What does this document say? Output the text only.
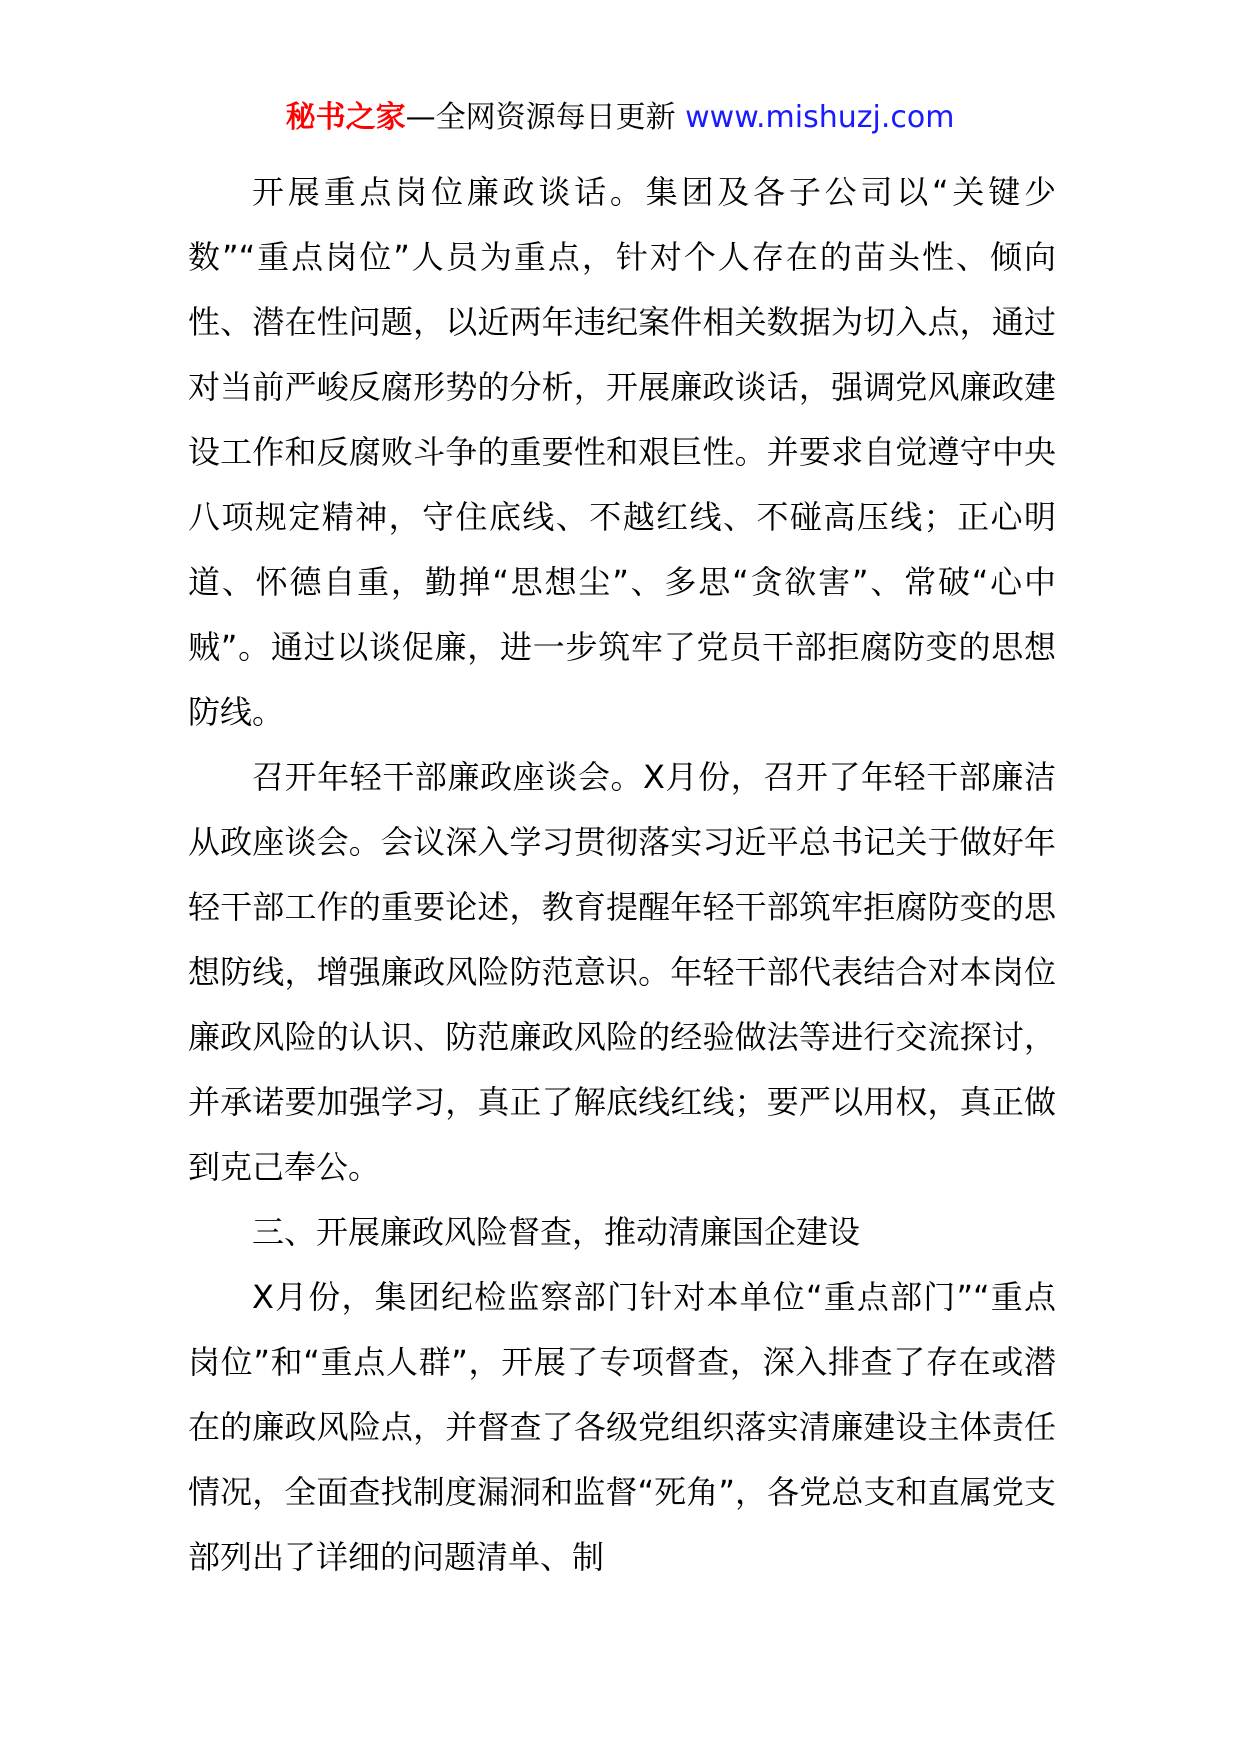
秘书之家—全网资源每日更新 www.mishuzj.com

开展重点岗位廉政谈话。集团及各子公司以“关键少数”“重点岗位”人员为重点，针对个人存在的苗头性、倾向性、潜在性问题，以近两年违纪案件相关数据为切入点，通过对当前严峻反腐形势的分析，开展廉政谈话，强调党风廉政建设工作和反腐败斗争的重要性和艰巨性。并要求自觉遵守中央八项规定精神，守住底线、不越红线、不碰高压线；正心明道、怀德自重，勤掸“思想尘”、多思“贪欲害”、常破“心中贼”。通过以谈促廉，进一步筑牢了党员干部拒腐防变的思想防线。

召开年轻干部廉政座谈会。X月份，召开了年轻干部廉洁从政座谈会。会议深入学习贯彻落实习近平总书记关于做好年轻干部工作的重要论述，教育提醒年轻干部筑牢拒腐防变的思想防线，增强廉政风险防范意识。年轻干部代表结合对本岗位廉政风险的认识、防范廉政风险的经验做法等进行交流探讨，并承诺要加强学习，真正了解底线红线；要严以用权，真正做到克己奉公。

三、开展廉政风险督查，推动清廉国企建设

X月份，集团纪检监察部门针对本单位“重点部门”“重点岗位”和“重点人群”，开展了专项督查，深入排查了存在或潜在的廉政风险点，并督查了各级党组织落实清廉建设主体责任情况，全面查找制度漏洞和监督“死角”，各党总支和直属党支部列出了详细的问题清单、制
